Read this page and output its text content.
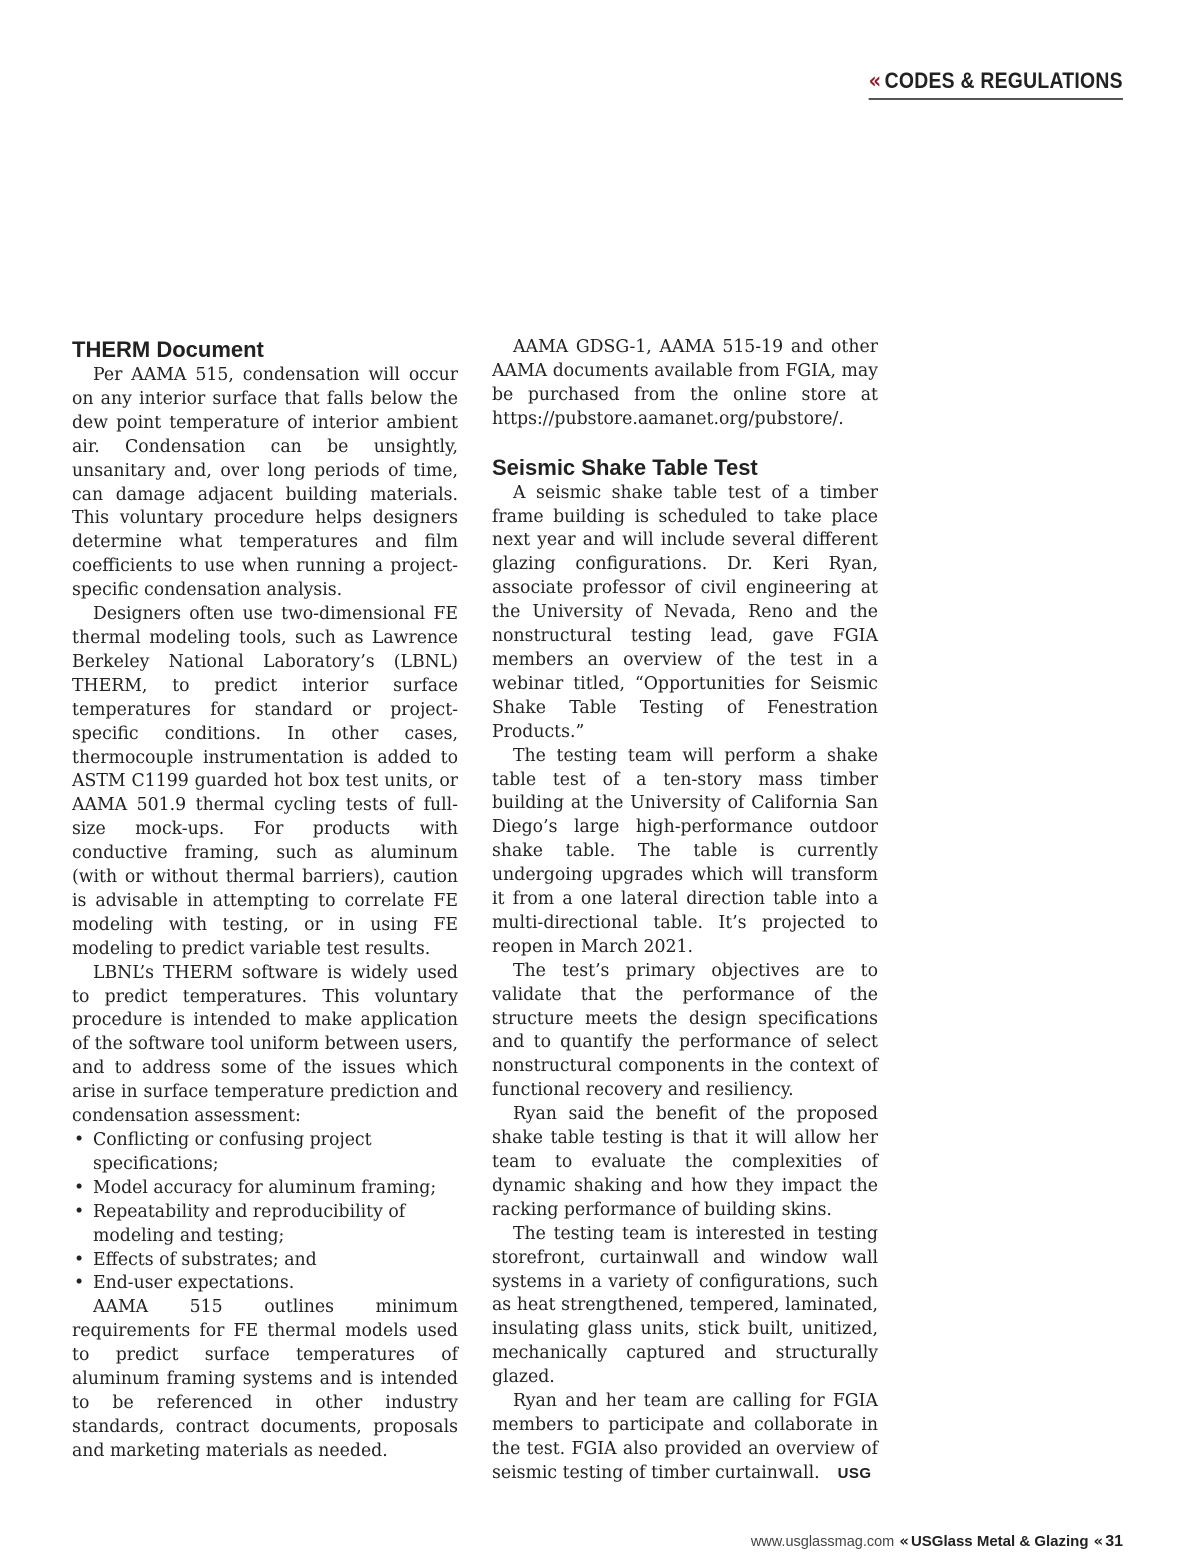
« CODES & REGULATIONS
THERM Document

Per AAMA 515, condensation will occur on any interior surface that falls below the dew point temperature of interior ambient air. Condensation can be unsightly, unsanitary and, over long periods of time, can damage adjacent building materials. This voluntary procedure helps designers determine what temperatures and film coefficients to use when running a project-specific condensation analysis.

Designers often use two-dimensional FE thermal modeling tools, such as Lawrence Berkeley National Laboratory’s (LBNL) THERM, to predict interior surface temperatures for standard or project-specific conditions. In other cases, thermocouple instrumentation is added to ASTM C1199 guarded hot box test units, or AAMA 501.9 thermal cycling tests of full-size mock-ups. For products with conductive framing, such as aluminum (with or without thermal barriers), caution is advisable in attempting to correlate FE modeling with testing, or in using FE modeling to predict variable test results.

LBNL’s THERM software is widely used to predict temperatures. This voluntary procedure is intended to make application of the software tool uniform between users, and to address some of the issues which arise in surface temperature prediction and condensation assessment:

• Conflicting or confusing project specifications;
• Model accuracy for aluminum framing;
• Repeatability and reproducibility of modeling and testing;
• Effects of substrates; and
• End-user expectations.

AAMA 515 outlines minimum requirements for FE thermal models used to predict surface temperatures of aluminum framing systems and is intended to be referenced in other industry standards, contract documents, proposals and marketing materials as needed.

AAMA GDSG-1, AAMA 515-19 and other AAMA documents available from FGIA, may be purchased from the online store at https://pubstore.aamanet.org/pubstore/.

Seismic Shake Table Test

A seismic shake table test of a timber frame building is scheduled to take place next year and will include several different glazing configurations. Dr. Keri Ryan, associate professor of civil engineering at the University of Nevada, Reno and the nonstructural testing lead, gave FGIA members an overview of the test in a webinar titled, “Opportunities for Seismic Shake Table Testing of Fenestration Products.”

The testing team will perform a shake table test of a ten-story mass timber building at the University of California San Diego’s large high-performance outdoor shake table. The table is currently undergoing upgrades which will transform it from a one lateral direction table into a multi-directional table. It’s projected to reopen in March 2021.

The test’s primary objectives are to validate that the performance of the structure meets the design specifications and to quantify the performance of select nonstructural components in the context of functional recovery and resiliency.

Ryan said the benefit of the proposed shake table testing is that it will allow her team to evaluate the complexities of dynamic shaking and how they impact the racking performance of building skins.

The testing team is interested in testing storefront, curtainwall and window wall systems in a variety of configurations, such as heat strengthened, tempered, laminated, insulating glass units, stick built, unitized, mechanically captured and structurally glazed.

Ryan and her team are calling for FGIA members to participate and collaborate in the test. FGIA also provided an overview of seismic testing of timber curtainwall. USG

www.usglassmag.com « USGlass Metal & Glazing « 31
